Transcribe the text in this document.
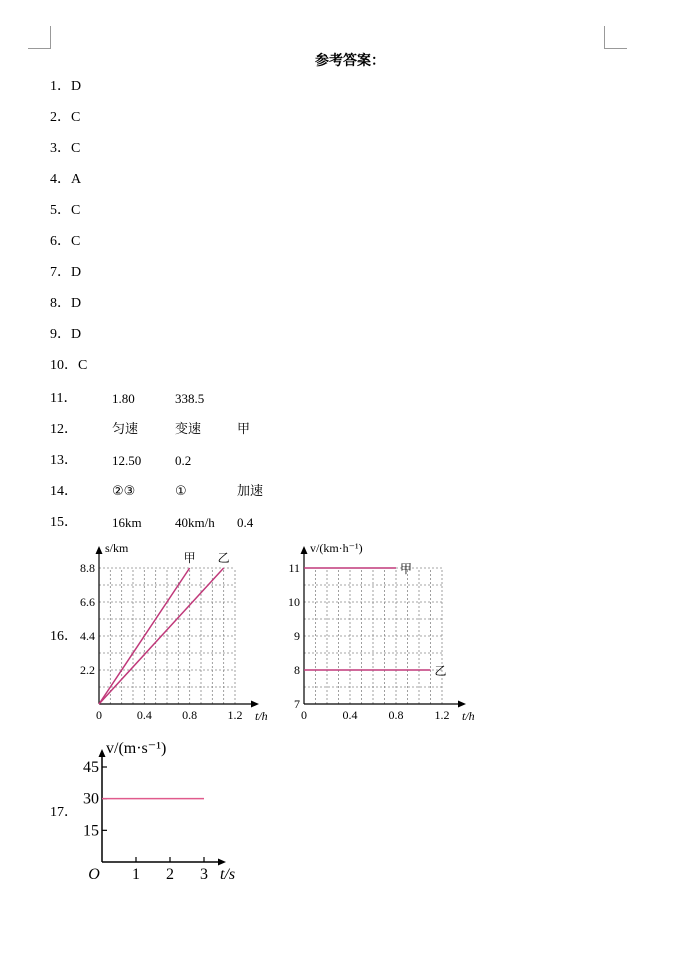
参考答案：
1．D
2．C
3．C
4．A
5．C
6．C
7．D
8．D
9．D
10．C
11．	1.80	338.5
12．	匀速	变速	甲
13．	12.50	0.2
14．	②③	①	加速
15．	16km	40km/h 0.4
16．
0	0.4	0.8	1.2
2.2
4.4
6.6
8.8
t/h
s/km
甲 乙
0	0.4	0.8	1.2
7
8
9
10
11
t/h
v/(km·h⁻¹)
甲
乙
17．
1 2 3
15
30
45
O	t/s
v/(m·s⁻¹)
